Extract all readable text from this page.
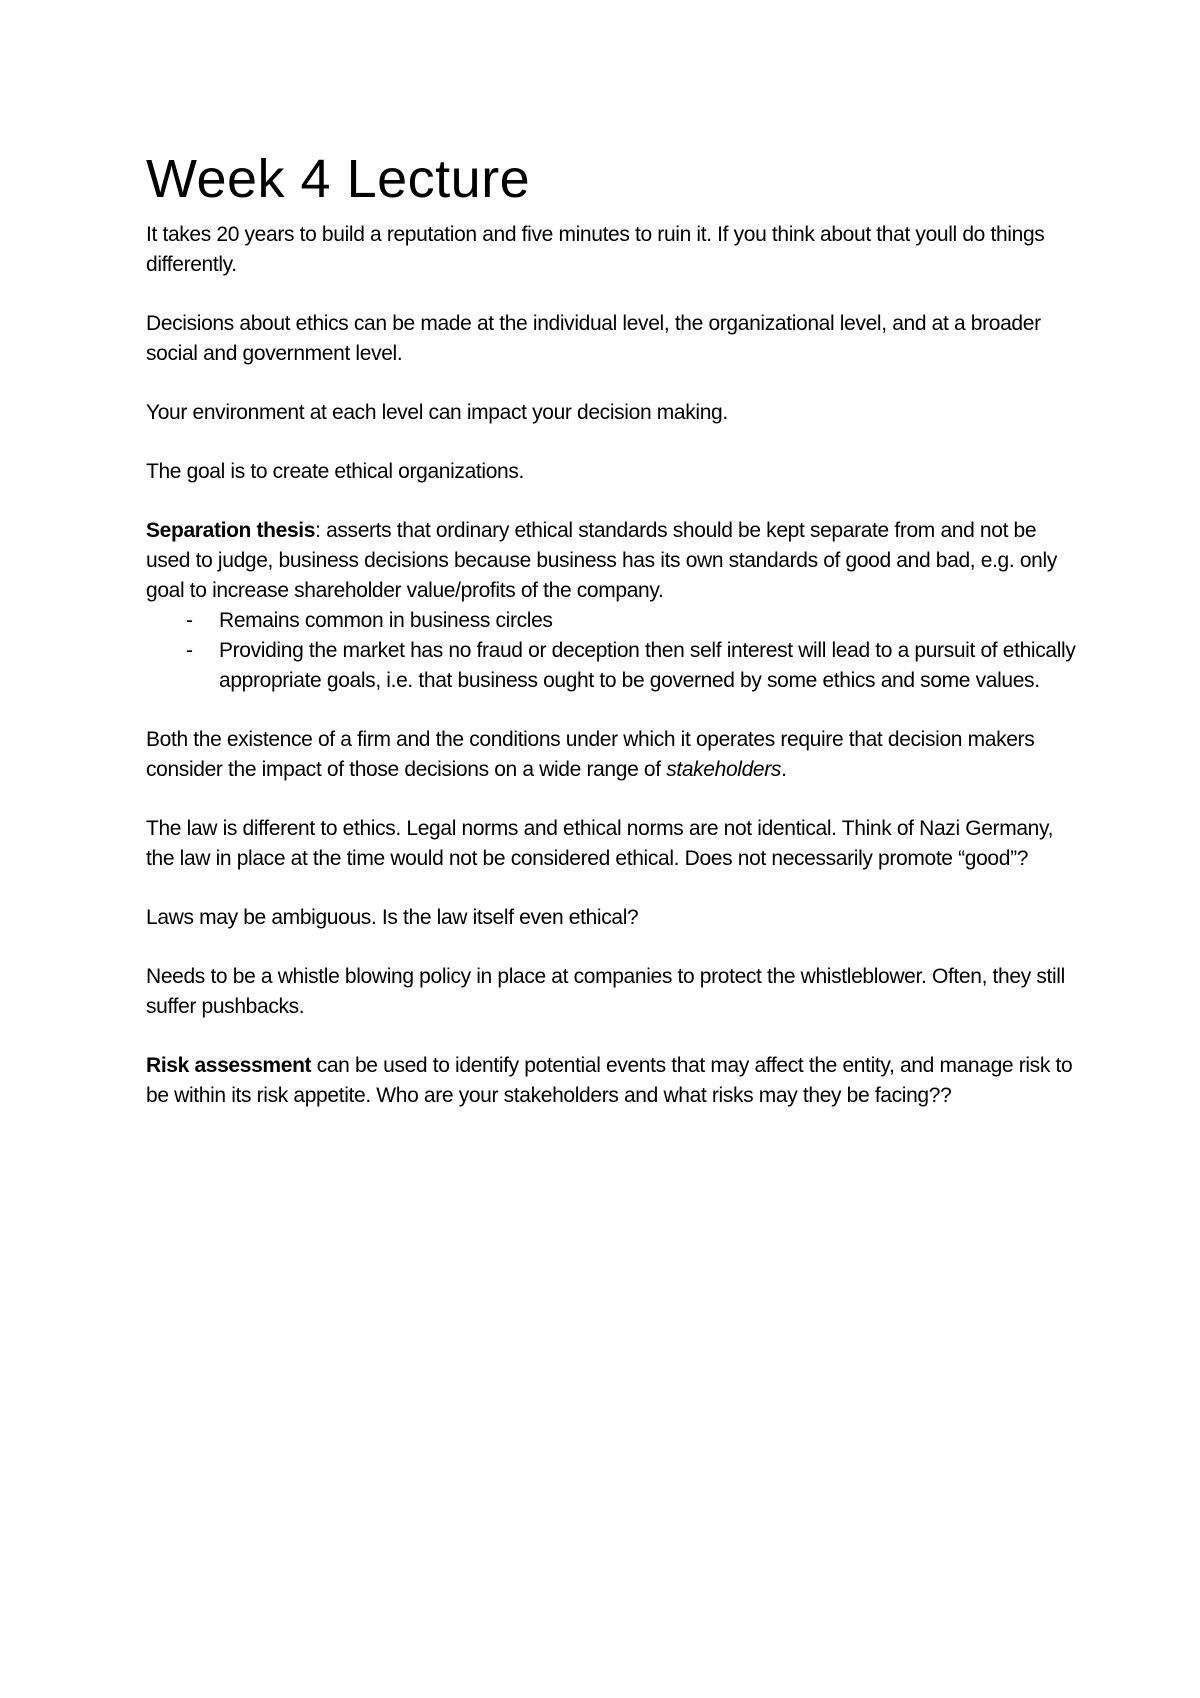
Week 4 Lecture

It takes 20 years to build a reputation and five minutes to ruin it. If you think about that youll do things differently.

Decisions about ethics can be made at the individual level, the organizational level, and at a broader social and government level.

Your environment at each level can impact your decision making.

The goal is to create ethical organizations.

Separation thesis: asserts that ordinary ethical standards should be kept separate from and not be used to judge, business decisions because business has its own standards of good and bad, e.g. only goal to increase shareholder value/profits of the company.

- Remains common in business circles
- Providing the market has no fraud or deception then self interest will lead to a pursuit of ethically appropriate goals, i.e. that business ought to be governed by some ethics and some values.

Both the existence of a firm and the conditions under which it operates require that decision makers consider the impact of those decisions on a wide range of stakeholders.

The law is different to ethics. Legal norms and ethical norms are not identical. Think of Nazi Germany, the law in place at the time would not be considered ethical. Does not necessarily promote “good”?

Laws may be ambiguous. Is the law itself even ethical?

Needs to be a whistle blowing policy in place at companies to protect the whistleblower. Often, they still suffer pushbacks.

Risk assessment can be used to identify potential events that may affect the entity, and manage risk to be within its risk appetite. Who are your stakeholders and what risks may they be facing??
